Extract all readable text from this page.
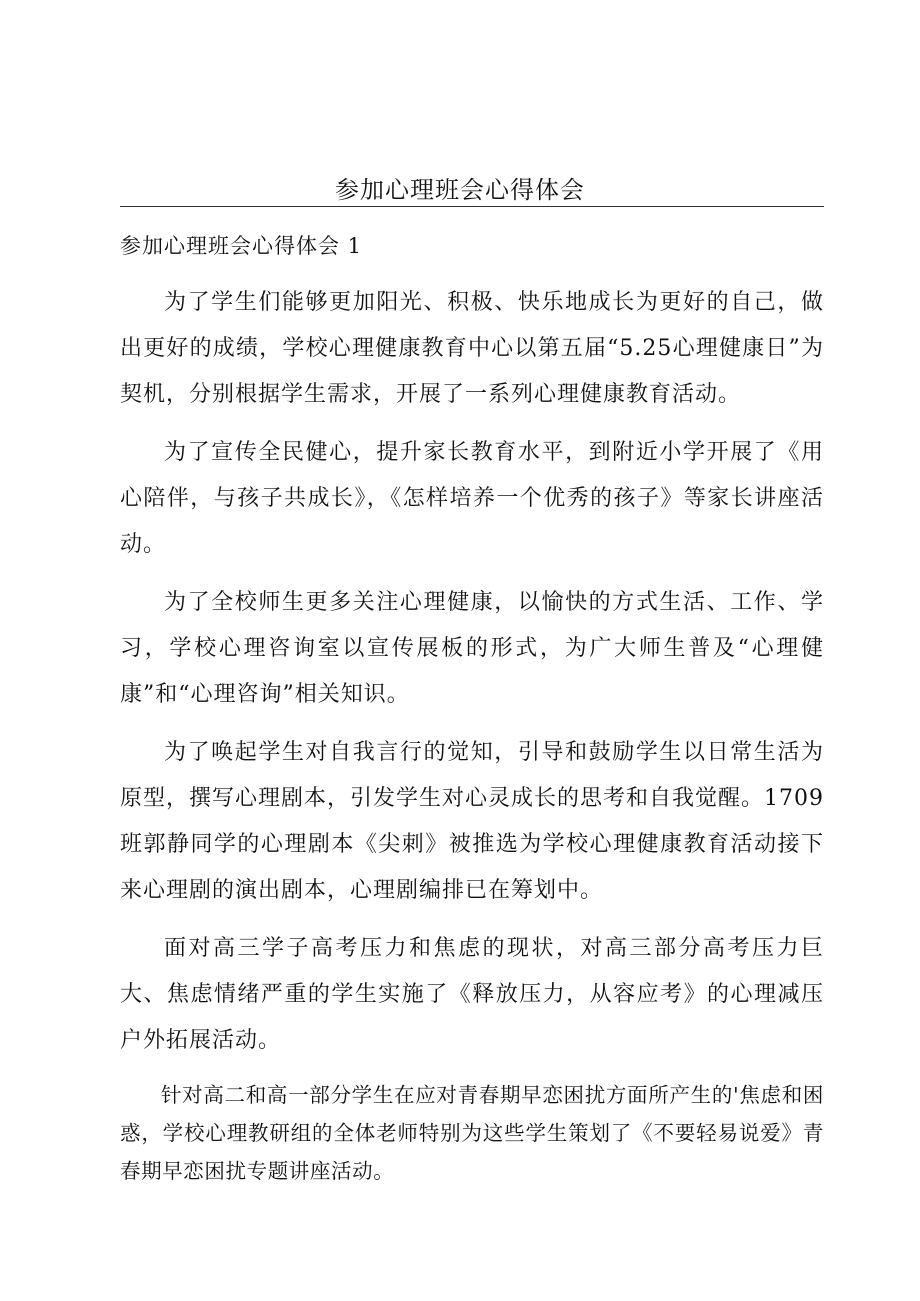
参加心理班会心得体会
参加心理班会心得体会 1

为了学生们能够更加阳光、积极、快乐地成长为更好的自己，做出更好的成绩，学校心理健康教育中心以第五届“5.25心理健康日”为契机，分别根据学生需求，开展了一系列心理健康教育活动。

为了宣传全民健心，提升家长教育水平，到附近小学开展了《用心陪伴，与孩子共成长》，《怎样培养一个优秀的孩子》等家长讲座活动。

为了全校师生更多关注心理健康，以愉快的方式生活、工作、学习，学校心理咨询室以宣传展板的形式，为广大师生普及“心理健康”和“心理咨询”相关知识。

为了唤起学生对自我言行的觉知，引导和鼓励学生以日常生活为原型，撰写心理剧本，引发学生对心灵成长的思考和自我觉醒。1709班郭静同学的心理剧本《尖刺》被推选为学校心理健康教育活动接下来心理剧的演出剧本，心理剧编排已在筹划中。

面对高三学子高考压力和焦虑的现状，对高三部分高考压力巨大、焦虑情绪严重的学生实施了《释放压力，从容应考》的心理减压户外拓展活动。

针对高二和高一部分学生在应对青春期早恋困扰方面所产生的'焦虑和困惑，学校心理教研组的全体老师特别为这些学生策划了《不要轻易说爱》青春期早恋困扰专题讲座活动。
